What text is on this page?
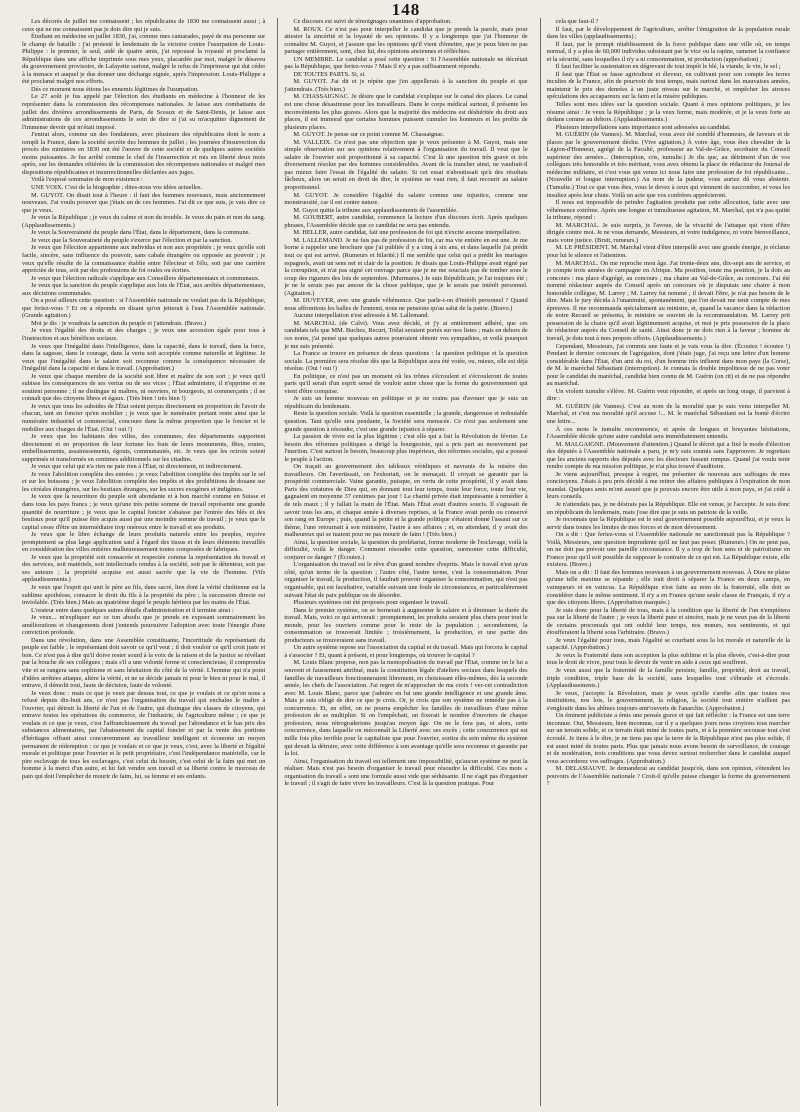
148

Les décorés de juillet me connaissent ; les républicains de 1830 me connaissent aussi ; à ceux qui ne me connaissent pas je dois dire qui je suis.

Étudiant en médecine en juillet 1830, j'ai, comme mes camarades, payé de ma personne sur le champ de bataille : j'ai protesté le lendemain de la victoire contre l'usurpation de Louis-Philippe : le premier, le seul, aidé de quatre amis, j'ai repoussé la royauté et proclamé la République dans une affiche imprimée sous mes yeux, placardée par moi, malgré le désaveu du gouvernement provisoire, de Lafayette surtout, malgré le refus de l'imprimeur qui dut céder à la menace et auquel je dus donner une décharge signée, après l'impression. Louis-Philippe a été proclamé malgré nos efforts.

Dès ce moment nous étions les ennemis légitimes de l'usurpation.

Le 27 août je fus appelé par l'élection des étudiants en médecine à l'honneur de les représenter dans la commission des récompenses nationales. Je laisse aux combattants de juillet des divières arrondissements de Paris, de Sceaux et de Saint-Denis, je laisse aux administrations de ces arrondissements le soin de dire si j'ai su m'acquitter dignement de l'immense devoir qui m'était imposé.

J'entrai alors, comme un des fondateurs, avec plusieurs des républicains dont le nom a rempli la France, dans la société secrète des hommes de juillet ; les journées d'insurrection du procès des ministres en 1830 ont été l'œuvre de cette société et de quelques autres sociétés moins puissantes. Je fus arrêté comme le chef de l'insurrection et mis en liberté deux mois après, sur les demandes réitérées de la commission des récompenses nationales et malgré mes dispositions républicaines et insurrectionnelles déclarées aux juges.

Voilà l'exposé sommaire de mon existence :

UNE VOIX. C'est de la biographie ; dites-nous vos idées actuelles.

M. GUYOT. On disait tout à l'heure : il faut des hommes nouveaux, mais anciennement nouveaux. J'ai voulu prouver que j'étais un de ces hommes. J'ai dit ce que suis, je vais dire ce que je veux.

Je veux la République ; je veux du calme et non du trouble. Je veux du pain et non du sang. (Applaudissements.)

Je veux la Souveraineté du peuple dans l'État, dans le département, dans la commune.

Je veux que la Souveraineté du peuple s'exerce par l'élection et par la sanction.

Je veux que l'élection appartienne aux individus et non aux propriétés ; je veux qu'elle soit facile, sincère, sans influence du pouvoir, sans cabale étrangère ou opposée au pouvoir ; je veux qu'elle résulte de la connaissance établie entre l'électeur et l'élu, soit par une carrière appréciée de tous, soit par des professions de foi orales ou écrites.

Je veux que l'élection radicale s'applique aux Conseillers départementaux et communaux.

Je veux que la sanction du peuple s'applique aux lois de l'État, aux arrêtés départementaux, aux décisions communales.

On a posé ailleurs cette question : si l'Assemblée nationale ne voulait pas de la République, que feriez-vous ? Et on a répondu en disant qu'on jetterait à l'eau l'Assemblée nationale. (Grande agitation.)

Moi je dis : je voudrais la sanction du peuple et j'attendrais. (Bravo.)

Je veux l'égalité des droits et des charges ; je veux une accession égale pour tous à l'instruction et aux bénéfices sociaux.

Je veux que l'inégalité dans l'intelligence, dans la capacité, dans le travail, dans la force, dans la sagesse, dans le courage, dans la vertu soit acceptée comme naturelle et légitime. Je veux que l'inégalité dans le salaire soit reconnue comme la conséquence nécessaire de l'inégalité dans la capacité et dans le travail. (Approbation.)

Je veux que chaque membre de la société soit libre et maître de son sort ; je veux qu'il subisse les conséquences de ses vertus ou de ses vices ; l'État administre, il n'opprime et ne soutient personne ; il ne distingue ni maîtres, ni ouvriers, ni bourgeois, ni commerçants ; il ne connaît que des citoyens libres et égaux. (Très bien ! très bien !)

Je veux que tous les subsides de l'État soient perçus directement en proportion de l'avoir de chacun, tant en foncier qu'en mobilier ; je veux que le numéraire portant rente ainsi que le numéraire industriel et commercial, concoure dans la même proportion que le foncier et le mobilier aux charges de l'État. (Oui ! oui !)

Je veux que les habitants des villes, des communes, des départements supportent directement et en proportion de leur fortune les frais de leurs monuments, fêtes, routes, embellissements, assainissements, égouts, communautés, etc. Je veux que les octrois soient supprimés et transformés en centimes additionnels sur les citadins.

Je veux que celui qui n'a rien ne paie rien à l'État, ni directement, ni indirectement.

Je veux l'abolition complète des entrées ; je veux l'abolition complète des impôts sur le sel et sur les boissons ; je veux l'abolition complète des impôts et des prohibitions de douane sur les céréales étrangères, sur les bestiaux étrangers, sur les sucres exogènes et indigènes.

Je veux que la nourriture du peuple soit abondante et à bon marché comme en Suisse et dans tous les pays francs ; je veux qu'une très petite somme de travail représente une grande quantité de nourriture ; je veux que le capital foncier s'abaisse par l'entrée des blés et des bestiaux pour qu'il puisse être acquis aussi par une moindre somme de travail ; je veux que le capital cesse d'être un intermédiaire trop onéreux entre le travail et ses produits.

Je veux que le libre échange de leurs produits naturels entre les peuples, reçoive promptement sa plus large application sauf à l'égard des tissus et de leurs éléments travaillés en considération des villes entières malheureusement toutes composées de fabriques.

Je veux que la propriété soit consacrée et respectée comme la représentation du travail et des services, soit matériels, soit intellectuels rendus à la société, soit par le détenteur, soit par ses auteurs ; la propriété acquise est aussi sacrée que la vie de l'homme. (Vifs applaudissements.)

Je veux que l'esprit qui unit le père au fils, dans sacré, lien dont la vérité chrétienne est la sublime apothéose, consacre le droit du fils à la propriété du père ; la succession directe est inviolable. (Très bien.) Mais au quatrième degré le peuple héritera par les mains de l'État.

L'orateur entre dans quelques autres détails d'administration et il termine ainsi :

Je veux... m'expliquer sur ce ton absolu que je prends en exposant sommairement les améliorations et changements dont j'entends poursuivre l'adoption avec toute l'énergie d'une conviction profonde.

Dans une révolution, dans une Assemblée constituante, l'incertitude du représentant du peuple est faible ; le représentant doit savoir ce qu'il veut ; il doit vouloir ce qu'il croit juste et bon. Ce n'est pas à dire qu'il doive rester sourd à la voix de la raison et de la justice se révélant par la bouche de ses collègues ; mais s'il a une volonté ferme et consciencieuse, il comprendra vite et se rangera sans sophisme et sans hésitation du côté de la vérité. L'homme qui n'a point d'idées arrêtées attaque, altère la vérité, et ne se décide jamais ni pour le bien ni pour le mal, il entrave, il démolit tout, faute de décision, faute de volonté.

Je veux donc : mais ce que je veux par dessus tout, ce que je voulais et ce qu'on nous a refusé depuis dix-huit ans, ce n'est pas l'organisation du travail qui enchaîne le maître à l'ouvrier, qui détruit la liberté de l'un et de l'autre, qui distingue des classes de citoyens, qui entrave toutes les opérations du commerce, de l'industrie, de l'agriculture même ; ce que je voulais et ce que je veux, c'est l'affranchissement du travail par l'abondance et le bas prix des substances alimentaires, par l'abaissement du capital foncier et par la vente des portions d'héritages offrant ainsi concurremment au travailleur intelligent et économe un moyen permanent de rédemption : ce que je voulais et ce que je veux, c'est, avec la liberté et l'égalité morale et politique pour l'ouvrier et le petit propriétaire, c'est l'indépendance matérielle, car le pire esclavage de tous les esclavages, c'est celui du besoin, c'est celui de la faim qui met un homme à la merci d'un autre, et lui fait vendre son travail et sa liberté contre le morceau de pain qui doit l'empêcher de mourir de faim, lui, sa femme et ses enfants.

Ce discours est suivi de témoignages unanimes d'approbation.

M. ROUX. Ce n'est pas pour interpeller le candidat que je prends la parole, mais pour attester la sincérité et la loyauté de ses opinions. Il y a longtemps que j'ai l'honneur de connaître M. Guyot, et j'assure que les opinions qu'il vient d'émettre, que je peux bien ne pas partager entièrement, sont, chez lui, des opinions anciennes et réfléchies.

UN MEMBRE. Le candidat a posé cette question : Si l'Assemblée nationale ne décrétait pas la République, que feriez-vous ? Mais il n'y a pas suffisamment répondu.

DE TOUTES PARTS. Si, si.

M. GUYOT. J'ai dit et je répète que j'en appellerais à la sanction du peuple et que j'attendrais. (Très bien.)

M. CHASSAIGNAC. Je désire que le candidat s'explique sur le canal des places. Le canal est une chose désastreuse pour les travailleurs. Dans le corps médical surtout, il présente les inconvénients les plus graves. Alors que la majorité des médecins est déshéritée du droit aux places, il est immoral que certains hommes puissent cumuler les honneurs et les profits de plusieurs places.

M. GUYOT. Je pense sur ce point comme M. Chassaignac.

M. VALLEIX. Ce n'est pas une objection que je veux présenter à M. Guyot, mais une simple observation sur ses opinions relativement à l'organisation du travail. Il veut que le salaire de l'ouvrier soit proportionné à sa capacité. C'est là une question très grave et très diversement résolue par des hommes considérables. Avant de la trancher ainsi, ne vaudrait-il pas mieux faire l'essai de l'égalité du salaire. Si cet essai n'aboutissait qu'à des résultats fâcheux, alors on serait en droit de dire, le système ne vaut rien, il faut recourir au salaire proportionnel.

M. GUYOT. Je considère l'égalité du salaire comme une injustice, comme une monstruosité, car il est contre nature.

M. Guyot quitte la tribune aux applaudissements de l'assemblée.

M. GOUBERT, autre candidat, commence la lecture d'un discours écrit. Après quelques phrases, l'Assemblée décide que ce candidat ne sera pas entendu.

M. HELLER, autre candidat, fait une profession de foi qui n'excite aucune interpellation.

M. LALLEMAND. Je ne fais pas de profession de foi, car ma vie entière en est une. Je me borne à rappeler une brochure que j'ai publiée il y a cinq à six ans, et dans laquelle j'ai prédit tout ce qui est arrivé. (Rumeurs et hilarité.) Il me semble que celui qui a prédit les mariages espagnols, avait un sens net et clair de la position. Je disais que Louis-Philippe avait régné par la corruption, et n'ai pas signé cet ouvrage parce que je ne me souciais pas de tomber sous le coup des rigueurs des lois de septembre. (Murmures.) Je suis Républicain, je l'ai toujours été ; je ne le serais pas par amour de la chose publique, que je le serais par intérêt personnel. (Agitation.)

M. DUVEYER, avec une grande véhémence. Que parle-t-on d'intérêt personnel ? Quand nous affrontions les balles de l'ennemi, nous ne pensions qu'au salut de la patrie. (Bravo.)

Aucune interpellation n'est adressée à M. Lallemand.

M. MARCHAL (de Calvi). Vous avez décidé, et j'y ai entièrement adhéré, que ces candidats tels que MM. Buchez, Recurt, Trélat seraient portés sur nos listes ; mais en dehors de ces noms, j'ai pensé que quelques autres pourraient obtenir vos sympathies, et voilà pourquoi je me suis présenté.

La France se trouve en présence de deux questions : la question politique et la question sociale. La première sera résolue dès que la République aura été votée, ou, mieux, elle est déjà résolue. (Oui ! oui !)

En politique, ce n'est pas un moment où les trônes s'écroulent et s'écrouleront de toutes parts qu'il serait d'un esprit sensé de vouloir autre chose que la forme du gouvernement qui vient d'être conquise.

Je suis un homme nouveau en politique et je ne crains pas d'avouer que je suis un républicain du lendemain.

Reste la question sociale. Voilà la question essentielle ; la grande, dangereuse et redoutable question. Tant qu'elle sera pendante, la Société sera menacée. Ce n'est pas seulement une grande question à résoudre, c'est une grande injustice à réparer.

La passion de vivre est la plus légitime ; c'est elle qui a fait la Révolution de février. Le besoin des réformes politiques a dirigé la bourgeoisie, qui a pris part au mouvement par l'inertion. C'est surtout le besoin, beaucoup plus impérieux, des réformes sociales, qui a poussé le peuple à l'action.

On traçait au gouvernement des tableaux véridiques et navrants de la misère des travailleurs. On l'avertissait, on l'exhortait, on le menaçait. Il croyait se garantir par la prospérité commerciale. Vaine garantie, puisque, en vertu de cette prospérité, il y avait dans Paris des créatures de Dieu qui, en donnant tout leur temps, toute leur force, toute leur vie, gagnaient en moyenne 37 centimes par jour ! La charité privée était impuissante à remédier à de tels maux ; il y fallait la main de l'État. Mais l'État avait d'autres soucis. Il s'agissait de savoir tous les ans, et chaque année à diverses reprises, si la France avait perdu ou conservé son rang en Europe ; puis, quand la petite et la grande politique s'étaient donné l'assaut sur ce thème, l'une retournait à son ministère, l'autre à ses affaires ; et, en attendant, il y avait des malheureux qui se tuaient pour ne pas mourir de faim ! (Très bien.)

Ainsi, la question sociale, la question du prolétariat, forme moderne de l'esclavage, voilà la difficulté, voilà le danger. Comment résoudre cette question, surmonter cette difficulté, conjurer ce danger ? (Écoutez.)

L'organisation du travail est le rêve d'un grand nombre d'esprits. Mais le travail n'est qu'un côté, qu'un terme de la question ; l'autre côté, l'autre terme, c'est la consommation. Pour organiser le travail, la production, il faudrait pouvoir organiser la consommation, qui n'est pas organisable, qui est facultative, variable suivant une foule de circonstances, et particulièrement suivant l'état de paix publique ou de désordre.

Plusieurs systèmes ont été proposés pour organiser le travail.

Dans le premier système, on se bornerait à augmenter le salaire et à diminuer la durée du travail. Mais, voici ce qui arriverait : promptement, les produits seraient plus chers pour tout le monde, pour les ouvriers comme pour le reste de la population ; secondement, la consommation se trouverait limitée ; troisièmement, la production, et une partie des producteurs se trouveraient sans travail.

Un autre système repose sur l'association du capital et du travail. Mais qui forcera le capital à s'associer ? Et, quant à présent, et pour longtemps, où trouver le capital ?

M. Louis Blanc propose, non pas la monopolisation du travail par l'État, comme on le lui a souvent et faussement attribué, mais la constitution légale d'ateliers sociaux dans lesquels des familles de travailleurs fonctionneraient librement, en choisissant elles-mêmes, dès la seconde année, les chefs de l'association. J'ai regret de m'approcher de ma croix ! ver-cet contradiction avec M. Louis Blanc, parce que j'admire en lui une grande intelligence et une grande âme. Mais je suis obligé de dire ce que je crois. Or, je crois que son système ne remédie pas à la concurrence. Et, en effet, on ne pourra empêcher les familles de travailleurs d'une même profession de se multiplier. Si on l'empêchait, on fixerait le nombre d'ouvriers de chaque profession, nous rétrograderions jusqu'au moyen âge. On ne le fera pas, et alors, cette concurrence, dans laquelle on méconnaît la Liberté avec ses excès ; cette concurrence qui est mille fois plus terrible pour le capitaliste que pour l'ouvrier, sortira du sein même du système qui devait la détruire, avec cette différence à son avantage qu'elle sera reconnue et garantie par la loi.

Ainsi, l'organisation du travail est tellement une impossibilité, qu'aucun système ne peut la réaliser. Mais n'est pas besoin d'organiser le travail pour résoudre la difficulté. Ces mots « organisation du travail » sont une formule aussi vide que séduisante. Il ne s'agit pas d'organiser le travail ; il s'agit de faire vivre les travailleurs. C'est là la question pratique. Pour

cela que faut-il ?

Il faut, par le développement de l'agriculture, arrêter l'émigration de la population rurale dans les villes (applaudissements) ;

Il faut, par le prompt rétablissement de la force publique dans une ville où, en temps normal, il y a plus de 60,000 individus subsistant par le vice ou la rapine, ramener la confiance et la sécurité, sans lesquelles il n'y a ni consommation, ni production (approbation) ;

Il faut faciliter la sustentation en dégrevant de tout impôt le blé, la viande, le vin, le sel ;

Il faut que l'État se fasse agriculteur et éleveur, en cultivant pour son compte les terres incultes de la France, afin de pourvoir de tout temps, mais surtout dans les mauvaises années, maintenir le prix des denrées à un juste niveau sur le marché, et empêcher les atroces spéculations des accapareurs sur la faim et la misère publiques.

Telles sont mes idées sur la question sociale. Quant à mes opinions politiques, je les résume ainsi : Je veux la République ; je la veux ferme, mais modérée, et je la veux forte au dedans comme au dehors. (Applaudissements.)

Plusieurs interpellations sans importance sont adressées au candidat.

M. GUÉRIN (de Vannes). M. Marchal, vous avez été comblé d'honneurs, de faveurs et de places par le gouvernement déchu. (Vive agitation.) À votre âge, vous êtes chevalier de la Légion-d'Honneur, agrégé de la Faculté, professeur au Val-de-Grâce, secrétaire du Conseil supérieur des armées... (Interruption, cris, tumulte.) Je dis que, au détriment d'un de vos collègues très honorable et très méritant, vous avez obtenu la place de rédacteur du Journal de médecine militaire, et c'est vous qui venez ici nous faire une profession de foi républicaine... (Nouvelle et longue interruption.) Au nom de la pudeur, vous auriez dû vous abstenir. (Tumulte.) Tout ce que vous êtes, vous le devez à ceux qui viennent de succomber, et vous les insultez après leur chute. Voilà un acte que vos confrères apprécieront.

Il nous est impossible de peindre l'agitation produite par cette allocution, faite avec une véhémence extrême. Après une longue et tumultueuse agitation, M. Marchal, qui n'a pas quitté la tribune, répond :

M. MARCHAL. Je suis surpris, je l'avoue, de la vivacité de l'attaque qui vient d'être dirigée contre moi. Je ne vous demande, Messieurs, ni votre indulgence, ni votre bienveillance, mais votre justice. (Bruit, rumeurs.)

M. LE PRÉSIDENT. M. Marchal vient d'être interpellé avec une grande énergie, je réclame pour lui le silence et l'attention.

M. MARCHAL. On me reproche mon âge. J'ai trente-deux ans, dix-sept ans de service, et je compte trois années de campagne en Afrique. Ma position, toute ma position, je la dois au concours : ma place d'agrégé, au concours ; ma chaire au Val-de-Grâce, au concours. J'ai été nommé rédacteur auprès du Conseil après un concours où je disputais une chaire à mon honorable collègue, M. Larrey ; M. Larrey fut nommé ; il devait l'être, je n'ai pas besoin de le dire. Mais le jury décida à l'unanimité, spontanément, que l'on devait me tenir compte de mes épreuves. Il me recommanda spécialement au ministre, et, quand la vacance dans la rédaction de notre Recueil se présenta, le ministre se souvint de la recommandation. M. Larrey prit possession de la chaire qu'il avait légitimement acquise, et moi je pris possession de la place de rédacteur auprès du Conseil de santé. Ainsi donc je ne dois rien à la faveur ; homme de travail, je dois tout à mes propres efforts. (Applaudissements.)

Cependant, Messieurs, j'ai commis une faute et je vais vous la dire. (Écoutez ! écoutez !) Pendant le dernier concours de l'agrégation, dont j'étais juge, j'ai reçu une lettre d'un homme considérable dans l'État, d'un ami du roi, d'un homme très influent dans mon pays (la Corse), de M. le maréchal Sébastiani (interruption). Je connais la double impolitesse de ne pas voter pour le candidat du maréchal, candidat bien connu de M. Guérin (on rit) et de ne pas répondre au maréchal.

Un violent tumulte s'élève. M. Guérin veut répondre, et après un long orage, il parvient à dire :

M. GUÉRIN (de Vannes). C'est au nom de la moralité que je suis venu interpeller M. Marchal, et c'est ma moralité qu'il accuse !... M. le maréchal Sébastiani est la bonté d'écrire une lettre...

À ces mots le tumulte recommence, et après de longues et bruyantes hésitations, l'Assemblée décide qu'une autre candidat sera immédiatement entendu.

M. MALGAIGNE. (Mouvement d'attention.) Quand le décret qui a fixé le mode d'élection des députés à l'Assemblée nationale a paru, je m'y suis soumis sans l'approuver. Je regrettais que les anciens rapports des députés avec les électeurs fussent rompus. Quand j'ai voulu tenir rendre compte de ma mission politique, je n'ai plus trouvé d'auditoire.

Je viens aujourd'hui, presque à regret, me présenter de nouveau aux suffrages de mes concitoyens. J'étais à peu près décidé à me retirer des affaires publiques à l'expiration de mon mandat. Quelques amis m'ont assuré que je pouvais encore être utile à mon pays, et j'ai cédé à leurs conseils.

Je n'attendais pas, je ne désirais pas la République. Elle est venue, je l'accepte. Je suis donc un républicain du lendemain, mais j'ose dire que je suis un patriote de la veille.

Je reconnais que la République est le seul gouvernement possible aujourd'hui, et je veux la servir dans toutes les limites de mes forces et de mon dévouement.

On a dit : Que feriez-vous si l'Assemblée nationale ne sanctionnait pas la République ? Voilà, Messieurs, une question imprudente qu'il ne faut pas poser. (Rumeurs.) On ne peut pas, on ne doit pas prévoir une pareille circonstance. Il y a trop de bon sens et de patriotisme en France pour qu'il soit possible de supposer le contraire de ce qui est. La République existe, elle existera. (Bravo.)

Mais on a dit : Il faut des hommes nouveaux à un gouvernement nouveau. À Dieu ne plaise qu'une telle maxime se répande ; elle irait droit à séparer la France en deux camps, en vainqueurs et en vaincus. La République n'est faite au nom de la fraternité, elle doit se considérer dans le même sentiment. Il n'y a en France qu'une seule classe de Français, il n'y a que des citoyens libres. (Approbation marquée.)

Je suis donc pour la liberté de tous, mais à la condition que la liberté de l'un n'empiètera pas sur la liberté de l'autre ; je veux la liberté pure et sincère, mais je ne veux pas de la liberté de certains proconsuls qui ont oublié leur temps, nos mœurs, nos sentiments, et qui étoufferaient la liberté sous l'arbitraire. (Bravo.)

Je veux l'égalité pour tous, mais l'égalité se courbant sous la loi morale et naturelle de la capacité. (Approbation.)

Je veux la Fraternité dans son acception la plus sublime et la plus élevée, c'est-à-dire pour tous le droit de vivre, pour tous le devoir de venir en aide à ceux qui souffrent.

Je veux aussi que la fraternité de la famille persiste, famille, propriété, droit au travail, triple condition, triple base de la société, sans lesquelles tout s'ébranle et s'écroule. (Applaudissements.)

Je veux, j'accepte la Révolution, mais je veux qu'elle s'arrête afin que toutes nos institutions, nos lois, le gouvernement, la religion, la société tout entière n'aillent pas s'engloutir dans les abîmes toujours entr'ouverts de l'anarchie. (Approbation.)

Un éminent publiciste a émis une pensée grave et qui fait réfléchir : la France est une terre inconnue. Oui, Messieurs, bien inconnue, car il y a quelques jours nous croyions tous marcher sur un terrain solide, et ce terrain était miné de toutes parts, et à la première secousse tout s'est écroulé. Je tiens à le dire, je ne tiens pas que la terre de la République n'est pas plus solide, il est aussi miné de toutes parts. Plus que jamais nous avons besoin de surveillance, de courage et de modération, trois conditions que vous devez surtout rechercher dans le candidat auquel vous accorderez vos suffrages. (Approbation.)

M. DELASIAUVE. Je demanderai au candidat jusqu'où, dans son opinion, s'étendent les pouvoirs de l'Assemblée nationale ? Croit-il qu'elle puisse changer la forme du gouvernement ?
